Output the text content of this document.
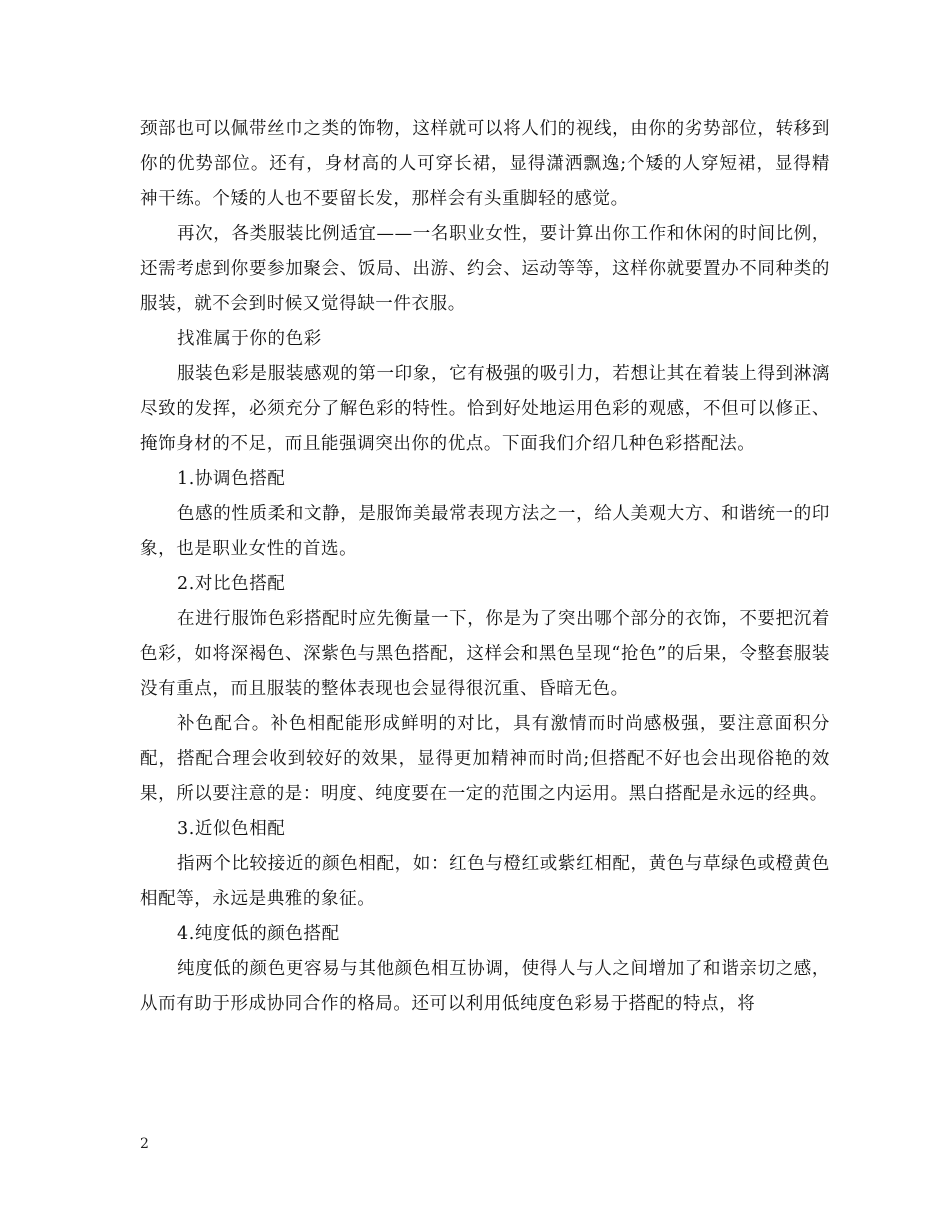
颈部也可以佩带丝巾之类的饰物，这样就可以将人们的视线，由你的劣势部位，转移到你的优势部位。还有，身材高的人可穿长裙，显得潇洒飘逸;个矮的人穿短裙，显得精神干练。个矮的人也不要留长发，那样会有头重脚轻的感觉。

再次，各类服装比例适宜——一名职业女性，要计算出你工作和休闲的时间比例，还需考虑到你要参加聚会、饭局、出游、约会、运动等等，这样你就要置办不同种类的服装，就不会到时候又觉得缺一件衣服。

找准属于你的色彩

服装色彩是服装感观的第一印象，它有极强的吸引力，若想让其在着装上得到淋漓尽致的发挥，必须充分了解色彩的特性。恰到好处地运用色彩的观感，不但可以修正、掩饰身材的不足，而且能强调突出你的优点。下面我们介绍几种色彩搭配法。

1.协调色搭配

色感的性质柔和文静，是服饰美最常表现方法之一，给人美观大方、和谐统一的印象，也是职业女性的首选。

2.对比色搭配

在进行服饰色彩搭配时应先衡量一下，你是为了突出哪个部分的衣饰，不要把沉着色彩，如将深褐色、深紫色与黑色搭配，这样会和黑色呈现“抢色”的后果，令整套服装没有重点，而且服装的整体表现也会显得很沉重、昏暗无色。

补色配合。补色相配能形成鲜明的对比，具有激情而时尚感极强，要注意面积分配，搭配合理会收到较好的效果，显得更加精神而时尚;但搭配不好也会出现俗艳的效果，所以要注意的是：明度、纯度要在一定的范围之内运用。黑白搭配是永远的经典。

3.近似色相配

指两个比较接近的颜色相配，如：红色与橙红或紫红相配，黄色与草绿色或橙黄色相配等，永远是典雅的象征。

4.纯度低的颜色搭配

纯度低的颜色更容易与其他颜色相互协调，使得人与人之间增加了和谐亲切之感，从而有助于形成协同合作的格局。还可以利用低纯度色彩易于搭配的特点，将

2
